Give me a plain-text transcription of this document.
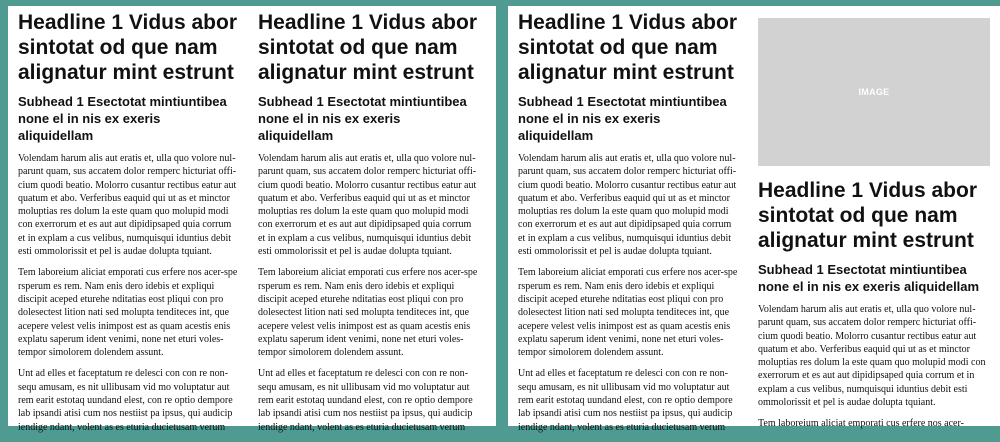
Headline 1 Vidus abor sintotat od que nam alignatur mint estrunt
Subhead 1 Esectotat mintiuntibea none el in nis ex exeris aliquidellam

Volendam harum alis aut eratis et, ulla quo volore nul-parunt quam, sus accatem dolor remperc hicturiat offi-cium quodi beatio. Molorro cusantur rectibus eatur aut quatum et abo. Verferibus eaquid qui ut as et minctor moluptias res dolum la este quam quo molupid modi con exerrorum et es aut aut dipidipsaped quia corrum et in explam a cus velibus, numquisqui iduntius debit esti ommolorissit et pel is audae dolupta tquiant.

Tem laboreium aliciat emporati cus erfere nos acer-spe rsperum es rem. Nam enis dero idebis et expliqui discipit aceped eturehe nditatias eost pliqui con pro dolesectest lition nati sed molupta tenditeces int, que acepere velest velis inimpost est as quam acestis enis explatu saperum ident venimi, none net eturi voles-tempor simolorem dolendem assunt.

Unt ad elles et faceptatum re delesci con con re non-sequ amusam, es nit ullibusam vid mo voluptatur aut rem earit estotaq uundand elest, con re optio dempore lab ipsandi atisi cum nos nestiist pa ipsus, qui audicip iendige ndant, volent as es eturia ducietusam verum

Headline 1 Vidus abor sintotat od que nam alignatur mint estrunt
Subhead 1 Esectotat mintiuntibea none el in nis ex exeris aliquidellam

Volendam harum alis aut eratis et, ulla quo volore nul-parunt quam, sus accatem dolor remperc hicturiat offi-cium quodi beatio. Molorro cusantur rectibus eatur aut quatum et abo. Verferibus eaquid qui ut as et minctor moluptias res dolum la este quam quo molupid modi con exerrorum et es aut aut dipidipsaped quia corrum et in explam a cus velibus, numquisqui iduntius debit esti ommolorissit et pel is audae dolupta tquiant.

Tem laboreium aliciat emporati cus erfere nos acer-spe rsperum es rem. Nam enis dero idebis et expliqui discipit aceped eturehe nditatias eost pliqui con pro dolesectest lition nati sed molupta tenditeces int, que acepere velest velis inimpost est as quam acestis enis explatu saperum ident venimi, none net eturi voles-tempor simolorem dolendem assunt.

Unt ad elles et faceptatum re delesci con con re non-sequ amusam, es nit ullibusam vid mo voluptatur aut rem earit estotaq uundand elest, con re optio dempore lab ipsandi atisi cum nos nestiist pa ipsus, qui audicip iendige ndant, volent as es eturia ducietusam verum

Headline 1 Vidus abor sintotat od que nam alignatur mint estrunt
Subhead 1 Esectotat mintiuntibea none el in nis ex exeris aliquidellam

Volendam harum alis aut eratis et, ulla quo volore nul-parunt quam, sus accatem dolor remperc hicturiat offi-cium quodi beatio. Molorro cusantur rectibus eatur aut quatum et abo. Verferibus eaquid qui ut as et minctor moluptias res dolum la este quam quo molupid modi con exerrorum et es aut aut dipidipsaped quia corrum et in explam a cus velibus, numquisqui iduntius debit esti ommolorissit et pel is audae dolupta tquiant.

Tem laboreium aliciat emporati cus erfere nos acer-spe rsperum es rem. Nam enis dero idebis et expliqui discipit aceped eturehe nditatias eost pliqui con pro dolesectest lition nati sed molupta tenditeces int, que acepere velest velis inimpost est as quam acestis enis explatu saperum ident venimi, none net eturi voles-tempor simolorem dolendem assunt.

Unt ad elles et faceptatum re delesci con con re non-sequ amusam, es nit ullibusam vid mo voluptatur aut rem earit estotaq uundand elest, con re optio dempore lab ipsandi atisi cum nos nestiist pa ipsus, qui audicip iendige ndant, volent as es eturia ducietusam verum

IMAGE
Headline 1 Vidus abor sintotat od que nam alignatur mint estrunt
Subhead 1 Esectotat mintiuntibea none el in nis ex exeris aliquidellam

Volendam harum alis aut eratis et, ulla quo volore nul-parunt quam, sus accatem dolor remperc hicturiat offi-cium quodi beatio. Molorro cusantur rectibus eatur aut quatum et abo. Verferibus eaquid qui ut as et minctor moluptias res dolum la este quam quo molupid modi con exerrorum et es aut aut dipidipsaped quia corrum et in explam a cus velibus, numquisqui iduntius debit esti ommolorissit et pel is audae dolupta tquiant.

Tem laboreium aliciat emporati cus erfere nos acer-
